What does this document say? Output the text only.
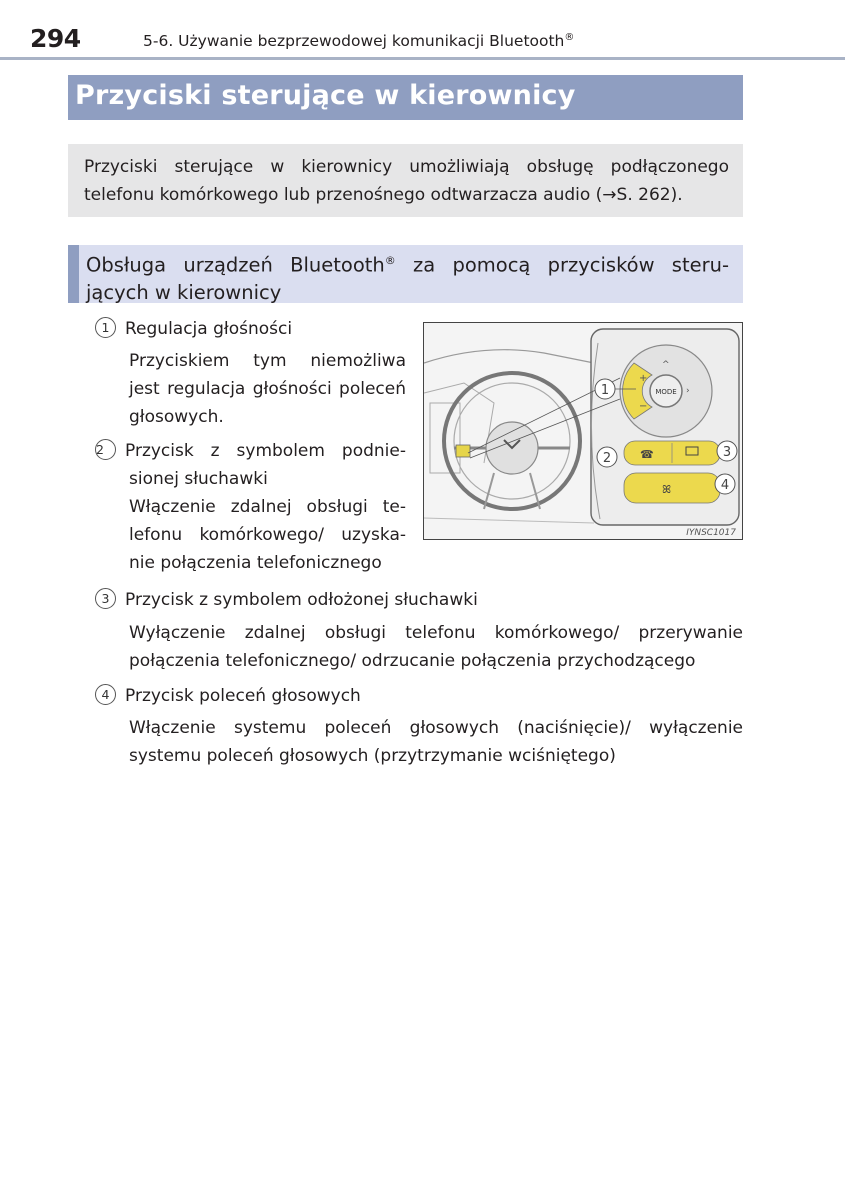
294	5-6. Używanie bezprzewodowej komunikacji Bluetooth®
Przyciski sterujące w kierownicy
Przyciski sterujące w kierownicy umożliwiają obsługę podłączonego
telefonu komórkowego lub przenośnego odtwarzacza audio (→S. 262).
Obsługa urządzeń Bluetooth® za pomocą przycisków steru-
jących w kierownicy
1 Regulacja głośności
Przyciskiem tym niemożliwa
jest regulacja głośności poleceń
głosowych.
2 Przycisk z symbolem podnie-
sionej słuchawki
Włączenie zdalnej obsługi te-
lefonu komórkowego/ uzyska-
nie połączenia telefonicznego
3 Przycisk z symbolem odłożonej słuchawki
Wyłączenie zdalnej obsługi telefonu komórkowego/ przerywanie
połączenia telefonicznego/ odrzucanie połączenia przychodzącego
4 Przycisk poleceń głosowych
Włączenie systemu poleceń głosowych (naciśnięcie)/ wyłączenie
systemu poleceń głosowych (przytrzymanie wciśniętego)
MODE
+
−
^
›
☎
ꕤ
1
2	3
4
IYNSC1017
